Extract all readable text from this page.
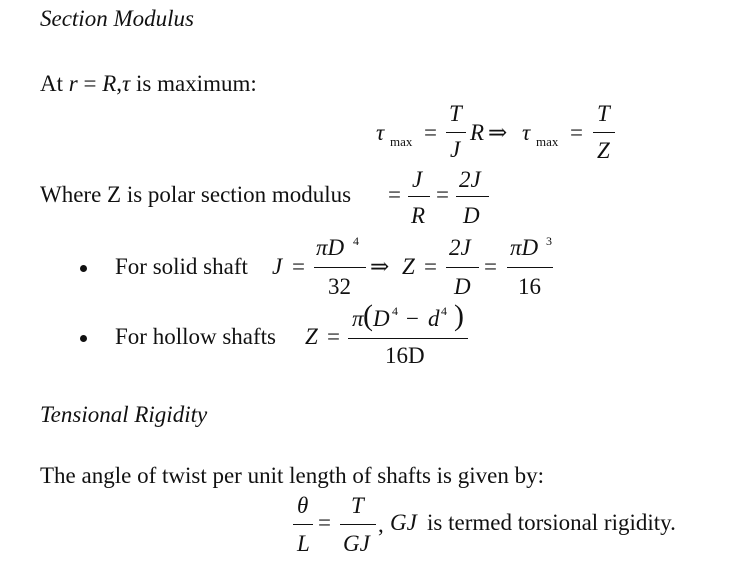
Section Modulus
At r = R,τ is maximum:
τ max =
T
J
R ⇒ τ max =
T
Z
Where Z is polar section modulus =
J
R
=
2J
D
For solid shaft J =
πD 4
32
⇒ Z =
2J
D
=
πD 3
16
For hollow shafts Z =
π ( D 4 − d 4 )
16D
Tensional Rigidity
The angle of twist per unit length of shafts is given by:
θ
L
=
T
GJ
, GJ is termed torsional rigidity.
